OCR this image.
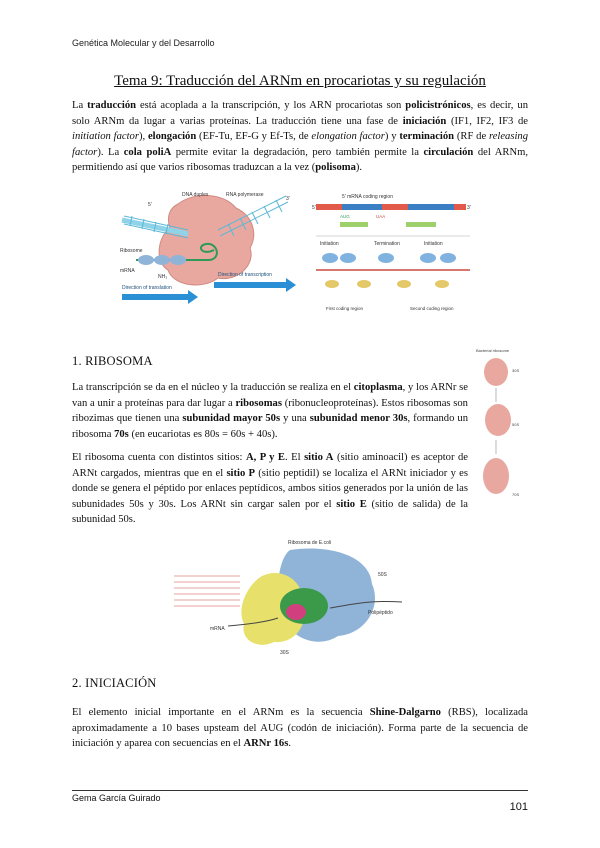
Genética Molecular y del Desarrollo
Tema 9: Traducción del ARNm en procariotas y su regulación

La traducción está acoplada a la transcripción, y los ARN procariotas son policistrónicos, es decir, un solo ARNm da lugar a varias proteínas. La traducción tiene una fase de iniciación (IF1, IF2, IF3 de initiation factor), elongación (EF-Tu, EF-G y Ef-Ts, de elongation factor) y terminación (RF de releasing factor). La cola poliA permite evitar la degradación, pero también permite la circulación del ARNm, permitiendo así que varios ribosomas traduzcan a la vez (polisoma).

DNA duplex	RNA polymerase
5'
3'
Ribosome
mRNA
NH₃
Direction of translation
Direction of transcription
5' mRNA coding region
5'	3'
AUG	UAA
Initiation	Termination	Initiation
First coding region	Second coding region
1. RIBOSOMA

La transcripción se da en el núcleo y la traducción se realiza en el citoplasma, y los ARNr se van a unir a proteínas para dar lugar a ribosomas (ribonucleoproteínas). Estos ribosomas son ribozimas que tienen una subunidad mayor 50s y una subunidad menor 30s, formando un ribosoma 70s (en eucariotas es 80s = 60s + 40s).

El ribosoma cuenta con distintos sitios: A, P y E. El sitio A (sitio aminoacil) es aceptor de ARNt cargados, mientras que en el sitio P (sitio peptidil) se localiza el ARNt iniciador y es donde se genera el péptido por enlaces peptídicos, ambos sitios generados por la unión de las subunidades 50s y 30s. Los ARNt sin cargar salen por el sitio E (sitio de salida) de la subunidad 50s.

Bacterial ribosome
30S
50S
70S
Ribosoma de E.coli
50S
30S
mRNA
Polipéptido
2. INICIACIÓN

El elemento inicial importante en el ARNm es la secuencia Shine-Dalgarno (RBS), localizada aproximadamente a 10 bases upsteam del AUG (codón de iniciación). Forma parte de la secuencia de iniciación y aparea con secuencias en el ARNr 16s.

Gema García Guirado
101
